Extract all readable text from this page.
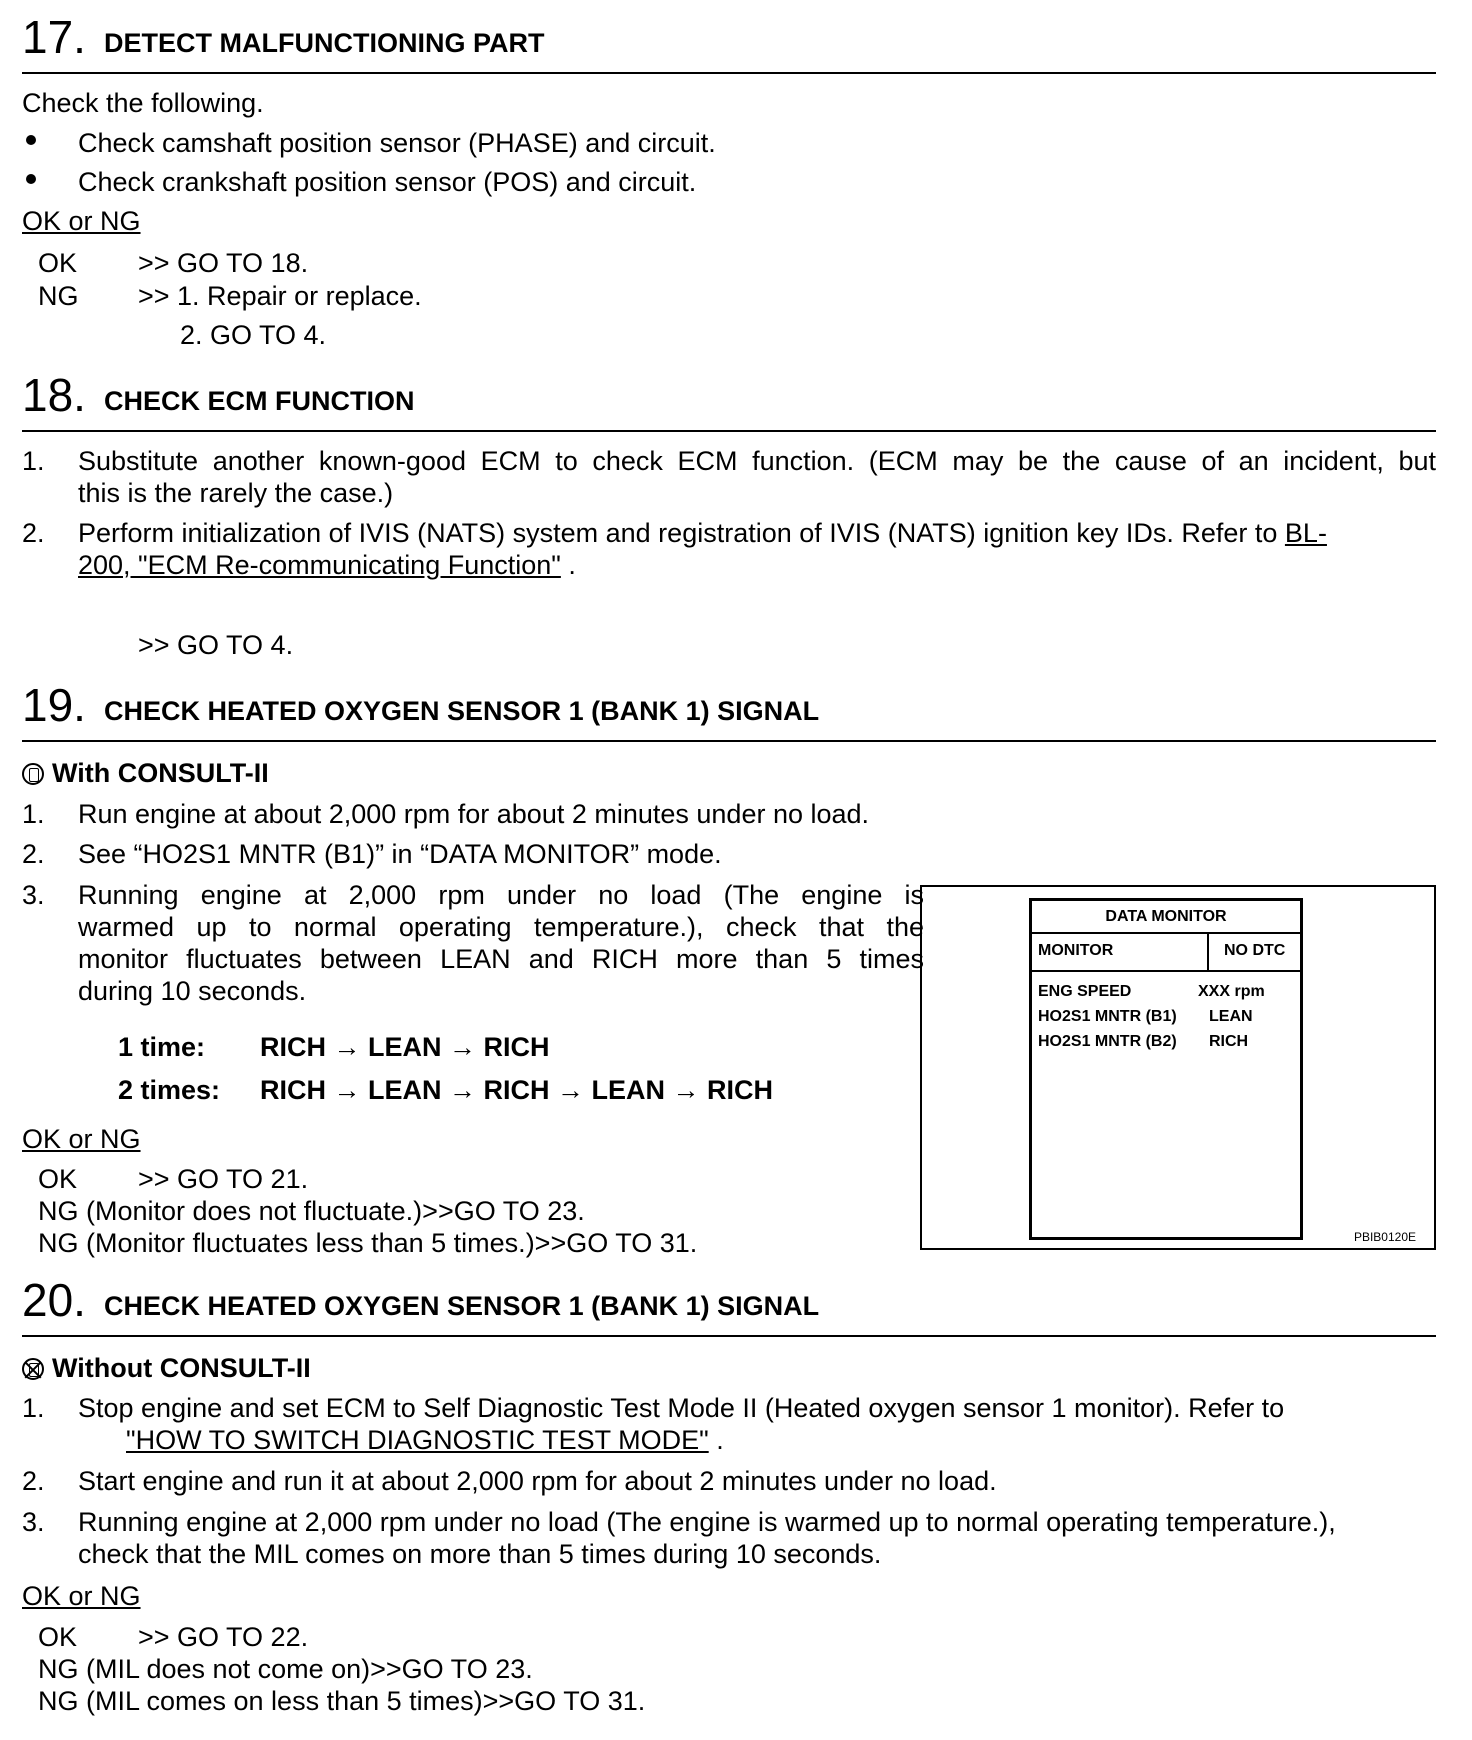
17. DETECT MALFUNCTIONING PART
Check the following.
Check camshaft position sensor (PHASE) and circuit.
Check crankshaft position sensor (POS) and circuit.
OK or NG
OK >> GO TO 18.
NG >> 1. Repair or replace.
2. GO TO 4.
18. CHECK ECM FUNCTION
1. Substitute another known-good ECM to check ECM function. (ECM may be the cause of an incident, but
this is the rarely the case.)
2. Perform initialization of IVIS (NATS) system and registration of IVIS (NATS) ignition key IDs. Refer to BL-
200, "ECM Re-communicating Function" .
>> GO TO 4.
19. CHECK HEATED OXYGEN SENSOR 1 (BANK 1) SIGNAL
With CONSULT-II
1. Run engine at about 2,000 rpm for about 2 minutes under no load.
2. See “HO2S1 MNTR (B1)” in “DATA MONITOR” mode.
3. Running engine at 2,000 rpm under no load (The engine is
warmed up to normal operating temperature.), check that the
monitor fluctuates between LEAN and RICH more than 5 times
during 10 seconds.
1 time: RICH → LEAN → RICH
2 times: RICH → LEAN → RICH → LEAN → RICH
OK or NG
OK >> GO TO 21.
NG (Monitor does not fluctuate.)>>GO TO 23.
NG (Monitor fluctuates less than 5 times.)>>GO TO 31.
DATA MONITOR
MONITOR	NO DTC
ENG SPEED	XXX rpm
HO2S1 MNTR (B1) LEAN
HO2S1 MNTR (B2) RICH
PBIB0120E
20. CHECK HEATED OXYGEN SENSOR 1 (BANK 1) SIGNAL
Without CONSULT-II
1. Stop engine and set ECM to Self Diagnostic Test Mode II (Heated oxygen sensor 1 monitor). Refer to
"HOW TO SWITCH DIAGNOSTIC TEST MODE" .
2. Start engine and run it at about 2,000 rpm for about 2 minutes under no load.
3. Running engine at 2,000 rpm under no load (The engine is warmed up to normal operating temperature.),
check that the MIL comes on more than 5 times during 10 seconds.
OK or NG
OK >> GO TO 22.
NG (MIL does not come on)>>GO TO 23.
NG (MIL comes on less than 5 times)>>GO TO 31.
